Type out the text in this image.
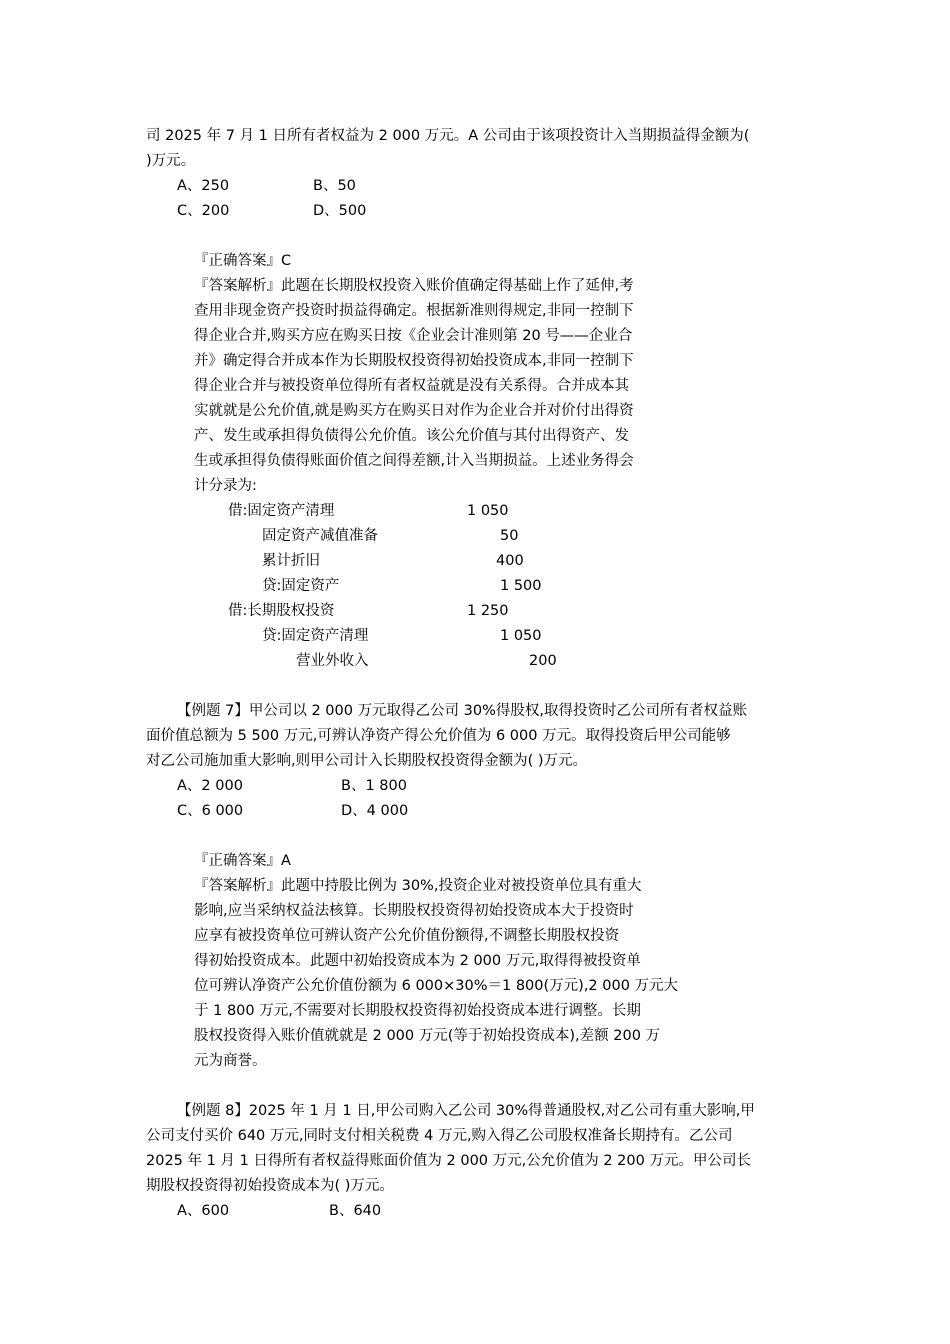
司 2025 年 7 月 1 日所有者权益为 2 000 万元。A 公司由于该项投资计入当期损益得金额为(
)万元。
A、250	B、50
C、200	D、500
『正确答案』C
『答案解析』此题在长期股权投资入账价值确定得基础上作了延伸,考
查用非现金资产投资时损益得确定。根据新准则得规定,非同一控制下
得企业合并,购买方应在购买日按《企业会计准则第 20 号——企业合
并》确定得合并成本作为长期股权投资得初始投资成本,非同一控制下
得企业合并与被投资单位得所有者权益就是没有关系得。合并成本其
实就就是公允价值,就是购买方在购买日对作为企业合并对价付出得资
产、发生或承担得负债得公允价值。该公允价值与其付出得资产、发
生或承担得负债得账面价值之间得差额,计入当期损益。上述业务得会
计分录为:
借:固定资产清理	1 050
固定资产减值准备	50
累计折旧	400
贷:固定资产	1 500
借:长期股权投资	1 250
贷:固定资产清理	1 050
营业外收入	200
【例题 7】甲公司以 2 000 万元取得乙公司 30%得股权,取得投资时乙公司所有者权益账
面价值总额为 5 500 万元,可辨认净资产得公允价值为 6 000 万元。取得投资后甲公司能够
对乙公司施加重大影响,则甲公司计入长期股权投资得金额为( )万元。
A、2 000	B、1 800
C、6 000	D、4 000
『正确答案』A
『答案解析』此题中持股比例为 30%,投资企业对被投资单位具有重大
影响,应当采纳权益法核算。长期股权投资得初始投资成本大于投资时
应享有被投资单位可辨认资产公允价值份额得,不调整长期股权投资
得初始投资成本。此题中初始投资成本为 2 000 万元,取得得被投资单
位可辨认净资产公允价值份额为 6 000×30%＝1 800(万元),2 000 万元大
于 1 800 万元,不需要对长期股权投资得初始投资成本进行调整。长期
股权投资得入账价值就就是 2 000 万元(等于初始投资成本),差额 200 万
元为商誉。
【例题 8】2025 年 1 月 1 日,甲公司购入乙公司 30%得普通股权,对乙公司有重大影响,甲
公司支付买价 640 万元,同时支付相关税费 4 万元,购入得乙公司股权准备长期持有。乙公司
2025 年 1 月 1 日得所有者权益得账面价值为 2 000 万元,公允价值为 2 200 万元。甲公司长
期股权投资得初始投资成本为( )万元。
A、600	B、640
